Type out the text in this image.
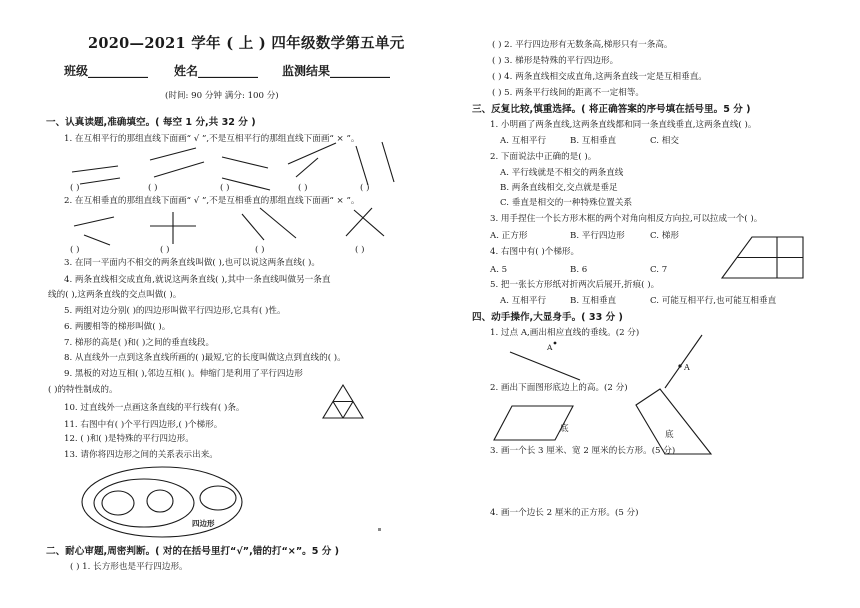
2020—2021 学年 ( 上 ) 四年级数学第五单元
班级__________ 姓名__________ 监测结果__________
(时间: 90 分钟 满分: 100 分)
一、认真读题,准确填空。( 每空 1 分,共 32 分 )
1. 在互相平行的那组直线下面画“ √ ”,不是互相平行的那组直线下面画“ × ”。
( )	( )	( )	( )	( )
2. 在互相垂直的那组直线下面画“ √ ”,不是互相垂直的那组直线下面画“ × ”。
( )	( )	( )	( )
3. 在同一平面内不相交的两条直线叫做( ),也可以说这两条直线( )。
4. 两条直线相交成直角,就说这两条直线( ),其中一条直线叫做另一条直
线的( ),这两条直线的交点叫做( )。
5. 两组对边分别( )的四边形叫做平行四边形,它具有( )性。
6. 两腰相等的梯形叫做( )。
7. 梯形的高是( )和( )之间的垂直线段。
8. 从直线外一点到这条直线所画的( )最短,它的长度叫做这点到直线的( )。
9. 黑板的对边互相( ),邻边互相( )。伸缩门是利用了平行四边形
( )的特性制成的。
10. 过直线外一点画这条直线的平行线有( )条。
11. 右图中有( )个平行四边形,( )个梯形。
12. ( )和( )是特殊的平行四边形。
13. 请你将四边形之间的关系表示出来。
四边形
二、耐心审题,周密判断。( 对的在括号里打“√”,错的打“×”。5 分 )
( ) 1. 长方形也是平行四边形。
( ) 2. 平行四边形有无数条高,梯形只有一条高。
( ) 3. 梯形是特殊的平行四边形。
( ) 4. 两条直线相交成直角,这两条直线一定是互相垂直。
( ) 5. 两条平行线间的距离不一定相等。
三、反复比较,慎重选择。( 将正确答案的序号填在括号里。5 分 )
1. 小明画了两条直线,这两条直线都和同一条直线垂直,这两条直线( )。
A. 互相平行	B. 互相垂直	C. 相交
2. 下面说法中正确的是( )。
A. 平行线就是不相交的两条直线
B. 两条直线相交,交点就是垂足
C. 垂直是相交的一种特殊位置关系
3. 用手捏住一个长方形木框的两个对角向相反方向拉,可以拉成一个( )。
A. 正方形	B. 平行四边形	C. 梯形
4. 右图中有( )个梯形。
A. 5	B. 6	C. 7
5. 把一张长方形纸对折两次后展开,折痕( )。
A. 互相平行	B. 互相垂直	C. 可能互相平行,也可能互相垂直
四、动手操作,大显身手。( 33 分 )
1. 过点 A,画出相应直线的垂线。(2 分)
A
A
2. 画出下面图形底边上的高。(2 分)
底
底
3. 画一个长 3 厘米、宽 2 厘米的长方形。(5 分)
4. 画一个边长 2 厘米的正方形。(5 分)
